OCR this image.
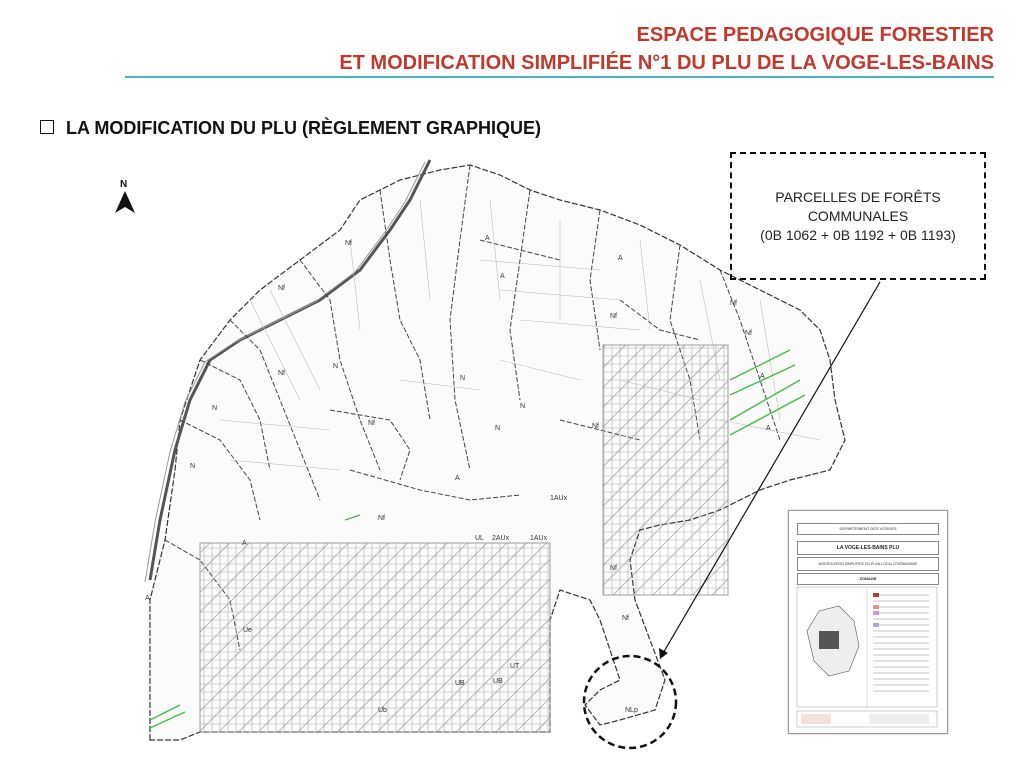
ESPACE PEDAGOGIQUE FORESTIER
ET MODIFICATION SIMPLIFIÉE N°1 DU PLU DE LA VOGE-LES-BAINS
LA MODIFICATION DU PLU (RÈGLEMENT GRAPHIQUE)
Nf
Nf
A
A
A
Nf
Nf
N
Nf
N
N
A
N
N
Nf	A
N
Nf
1AUx
2AUx	1AUx
UL
Nf
UB	UB
UT
Ub
Ue
Nf
NLp
A
Nf
A
A
Nf
N
PARCELLES DE FORÊTS
COMMUNALES
(0B 1062 + 0B 1192 + 0B 1193)
DEPARTEMENT DES VOSGES
LA VOGE-LES-BAINS PLU
MODIFICATION SIMPLIFIEE DU PLAN LOCAL D'URBANISME
ZONAGE
